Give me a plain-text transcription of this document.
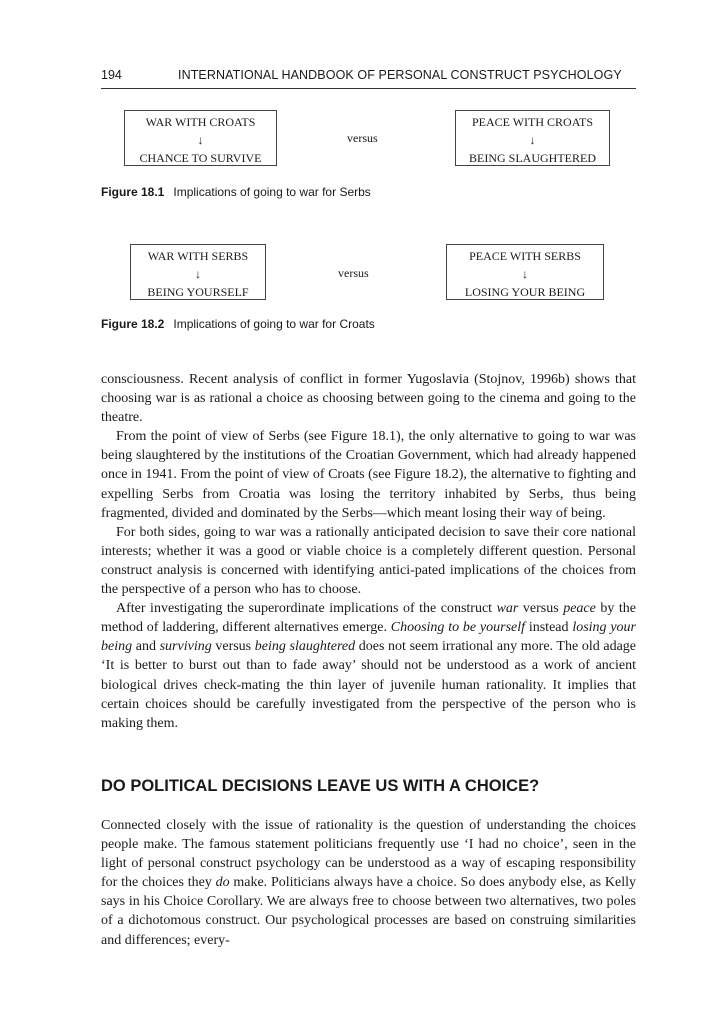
194	INTERNATIONAL HANDBOOK OF PERSONAL CONSTRUCT PSYCHOLOGY
WAR WITH CROATS
↓
CHANCE TO SURVIVE
versus
PEACE WITH CROATS
↓
BEING SLAUGHTERED
Figure 18.1 Implications of going to war for Serbs
WAR WITH SERBS
↓
BEING YOURSELF
versus
PEACE WITH SERBS
↓
LOSING YOUR BEING
Figure 18.2 Implications of going to war for Croats

consciousness. Recent analysis of conflict in former Yugoslavia (Stojnov, 1996b) shows that choosing war is as rational a choice as choosing between going to the cinema and going to the theatre.

From the point of view of Serbs (see Figure 18.1), the only alternative to going to war was being slaughtered by the institutions of the Croatian Government, which had already happened once in 1941. From the point of view of Croats (see Figure 18.2), the alternative to fighting and expelling Serbs from Croatia was losing the territory inhabited by Serbs, thus being fragmented, divided and dominated by the Serbs—which meant losing their way of being.

For both sides, going to war was a rationally anticipated decision to save their core national interests; whether it was a good or viable choice is a completely different question. Personal construct analysis is concerned with identifying antici-pated implications of the choices from the perspective of a person who has to choose.

After investigating the superordinate implications of the construct war versus peace by the method of laddering, different alternatives emerge. Choosing to be yourself instead losing your being and surviving versus being slaughtered does not seem irrational any more. The old adage ‘It is better to burst out than to fade away’ should not be understood as a work of ancient biological drives check-mating the thin layer of juvenile human rationality. It implies that certain choices should be carefully investigated from the perspective of the person who is making them.

DO POLITICAL DECISIONS LEAVE US WITH A CHOICE?

Connected closely with the issue of rationality is the question of understanding the choices people make. The famous statement politicians frequently use ‘I had no choice’, seen in the light of personal construct psychology can be understood as a way of escaping responsibility for the choices they do make. Politicians always have a choice. So does anybody else, as Kelly says in his Choice Corollary. We are always free to choose between two alternatives, two poles of a dichotomous construct. Our psychological processes are based on construing similarities and differences; every-
